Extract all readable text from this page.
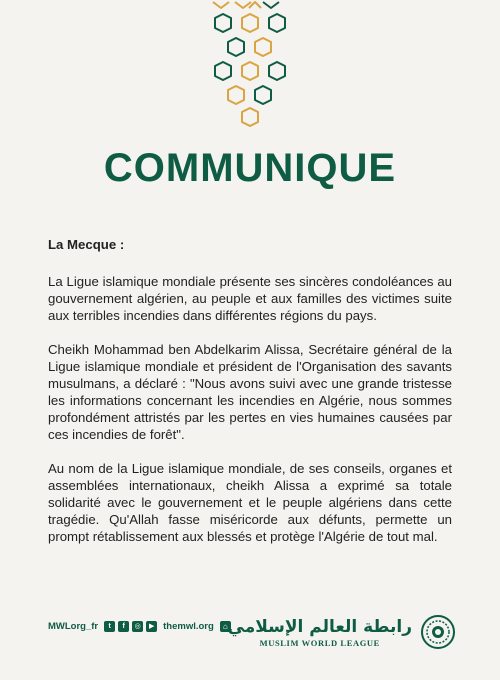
COMMUNIQUE

La Mecque :

La Ligue islamique mondiale présente ses sincères condoléances au gouvernement algérien, au peuple et aux familles des victimes suite aux terribles incendies dans différentes régions du pays.

Cheikh Mohammad ben Abdelkarim Alissa, Secrétaire général de la Ligue islamique mondiale et président de l'Organisation des savants musulmans, a déclaré : "Nous avons suivi avec une grande tristesse les informations concernant les incendies en Algérie, nous sommes profondément attristés par les pertes en vies humaines causées par ces incendies de forêt".

Au nom de la Ligue islamique mondiale, de ses conseils, organes et assemblées internationaux, cheikh Alissa a exprimé sa totale solidarité avec le gouvernement et le peuple algériens dans cette tragédie. Qu'Allah fasse miséricorde aux défunts, permette un prompt rétablissement aux blessés et protège l'Algérie de tout mal.

MWLorg_fr	t	f	◎	▶ themwl.org	⌂ رابطة العالم الإسلامي
MUSLIM WORLD LEAGUE
